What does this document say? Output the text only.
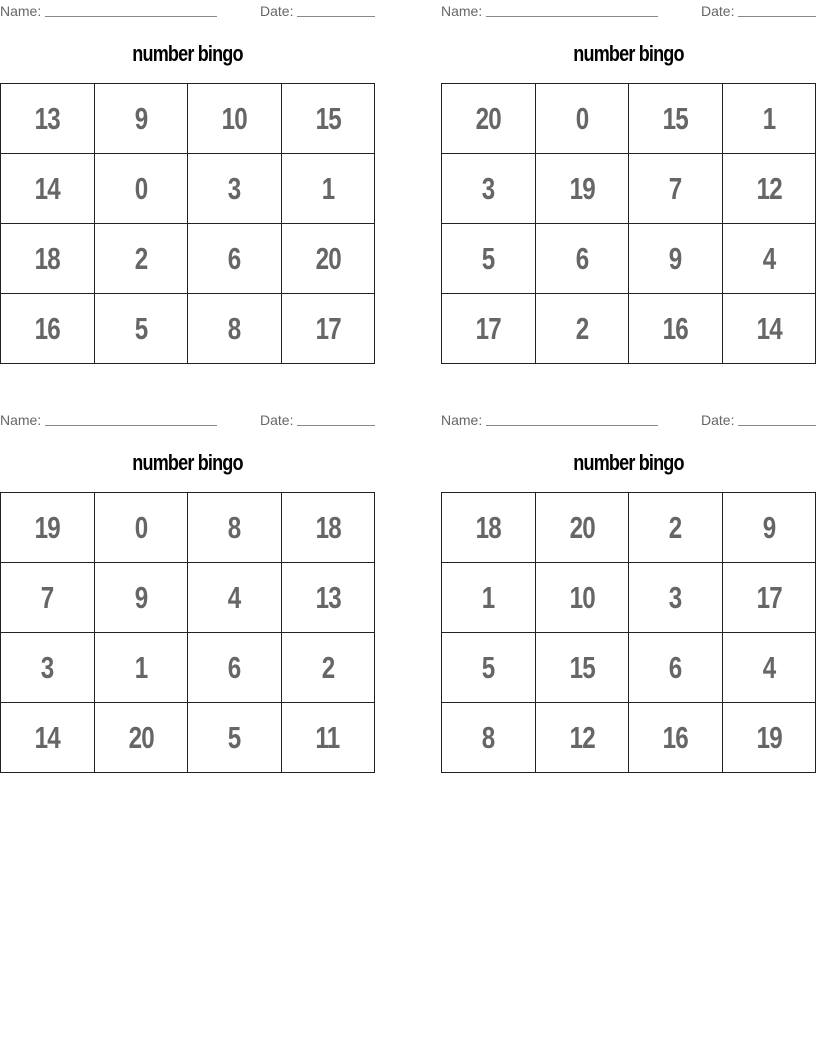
Name:	Date:
number bingo
13	9	10	15
14	0	3	1
18	2	6	20
16	5	8	17
Name:	Date:
number bingo
20	0	15	1
3	19	7	12
5	6	9	4
17	2	16	14
Name:	Date:
number bingo
19	0	8	18
7	9	4	13
3	1	6	2
14	20	5	11
Name:	Date:
number bingo
18	20	2	9
1	10	3	17
5	15	6	4
8	12	16	19
